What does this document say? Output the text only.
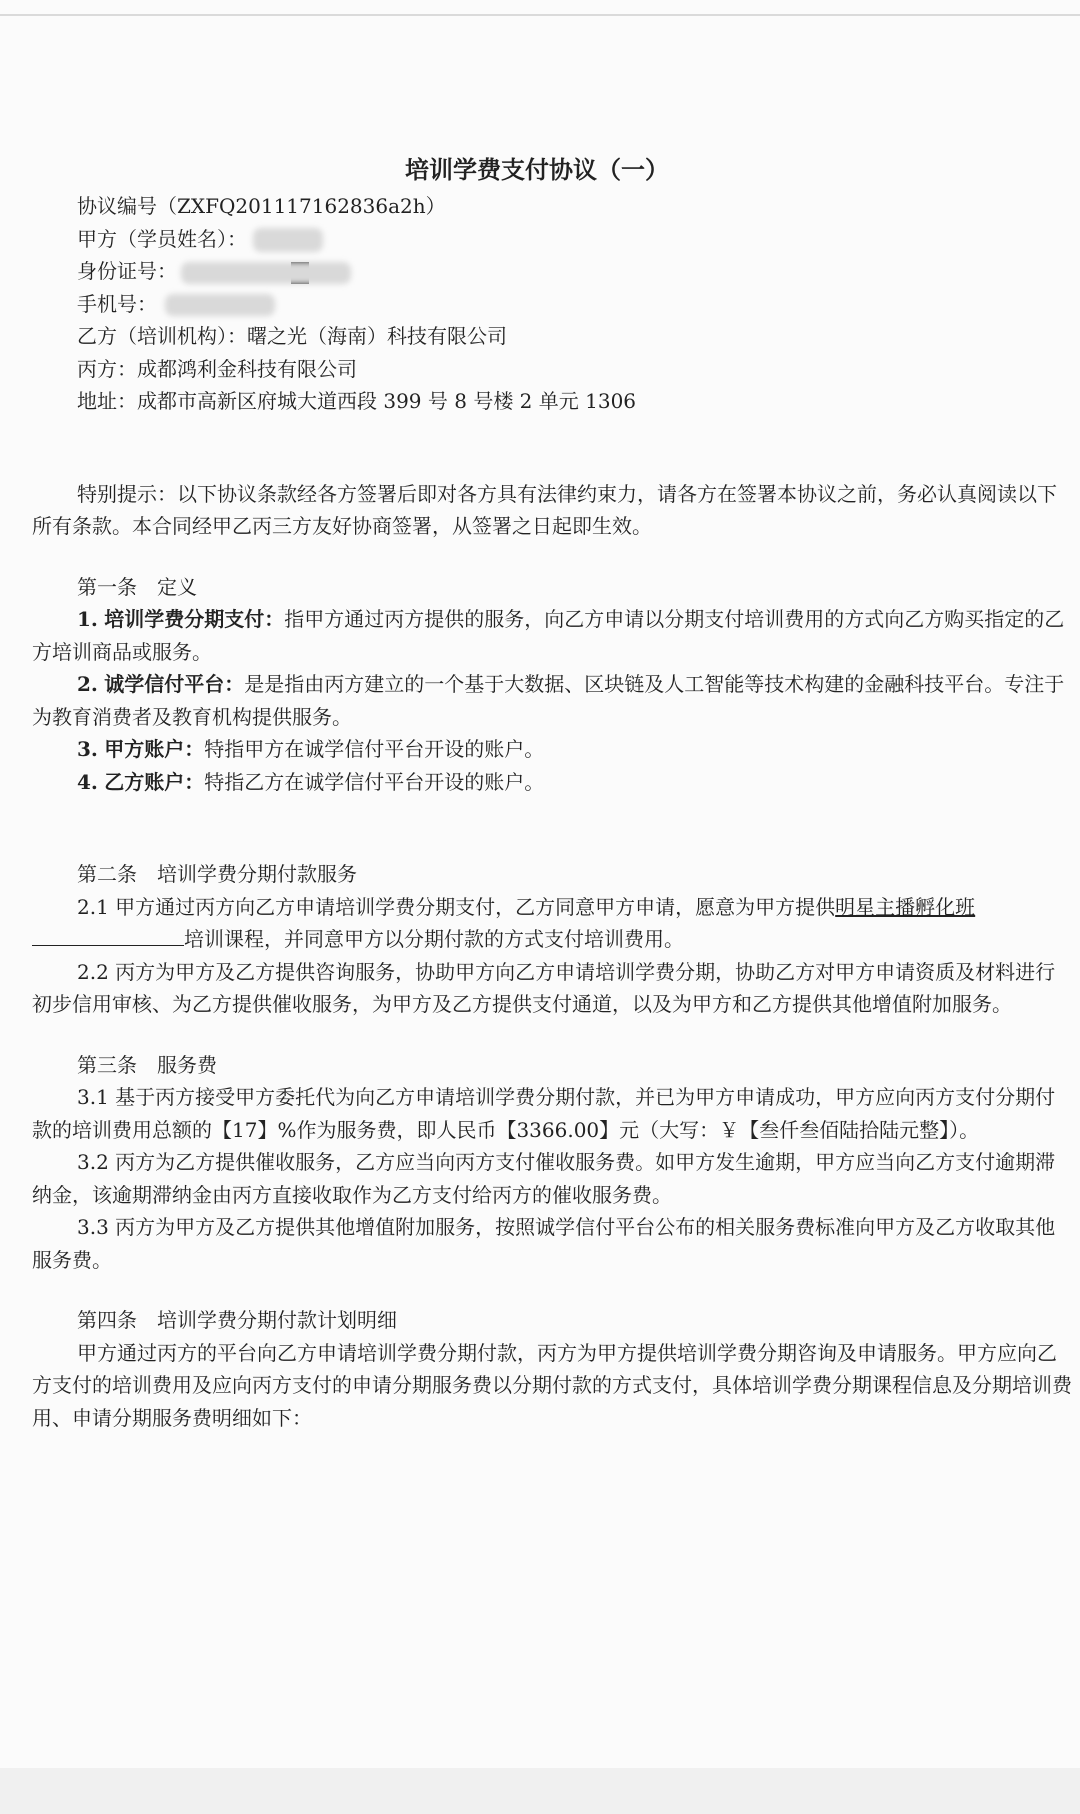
培训学费支付协议（一）

协议编号（ZXFQ201117162836a2h）

甲方（学员姓名）：

身份证号：

手机号：

乙方（培训机构）：曙之光（海南）科技有限公司

丙方：成都鸿利金科技有限公司

地址：成都市高新区府城大道西段 399 号 8 号楼 2 单元 1306

特别提示：以下协议条款经各方签署后即对各方具有法律约束力，请各方在签署本协议之前，务必认真阅读以下所有条款。本合同经甲乙丙三方友好协商签署，从签署之日起即生效。

第一条　定义

1. 培训学费分期支付：指甲方通过丙方提供的服务，向乙方申请以分期支付培训费用的方式向乙方购买指定的乙方培训商品或服务。

2. 诚学信付平台：是是指由丙方建立的一个基于大数据、区块链及人工智能等技术构建的金融科技平台。专注于为教育消费者及教育机构提供服务。

3. 甲方账户：特指甲方在诚学信付平台开设的账户。

4. 乙方账户：特指乙方在诚学信付平台开设的账户。

第二条　培训学费分期付款服务

2.1 甲方通过丙方向乙方申请培训学费分期支付，乙方同意甲方申请，愿意为甲方提供明星主播孵化班培训课程，并同意甲方以分期付款的方式支付培训费用。

2.2 丙方为甲方及乙方提供咨询服务，协助甲方向乙方申请培训学费分期，协助乙方对甲方申请资质及材料进行初步信用审核、为乙方提供催收服务，为甲方及乙方提供支付通道，以及为甲方和乙方提供其他增值附加服务。

第三条　服务费

3.1 基于丙方接受甲方委托代为向乙方申请培训学费分期付款，并已为甲方申请成功，甲方应向丙方支付分期付款的培训费用总额的【17】%作为服务费，即人民币【3366.00】元（大写：￥【叁仟叁佰陆拾陆元整】）。

3.2 丙方为乙方提供催收服务，乙方应当向丙方支付催收服务费。如甲方发生逾期，甲方应当向乙方支付逾期滞纳金，该逾期滞纳金由丙方直接收取作为乙方支付给丙方的催收服务费。

3.3 丙方为甲方及乙方提供其他增值附加服务，按照诚学信付平台公布的相关服务费标准向甲方及乙方收取其他服务费。

第四条　培训学费分期付款计划明细

甲方通过丙方的平台向乙方申请培训学费分期付款，丙方为甲方提供培训学费分期咨询及申请服务。甲方应向乙方支付的培训费用及应向丙方支付的申请分期服务费以分期付款的方式支付，具体培训学费分期课程信息及分期培训费用、申请分期服务费明细如下：
